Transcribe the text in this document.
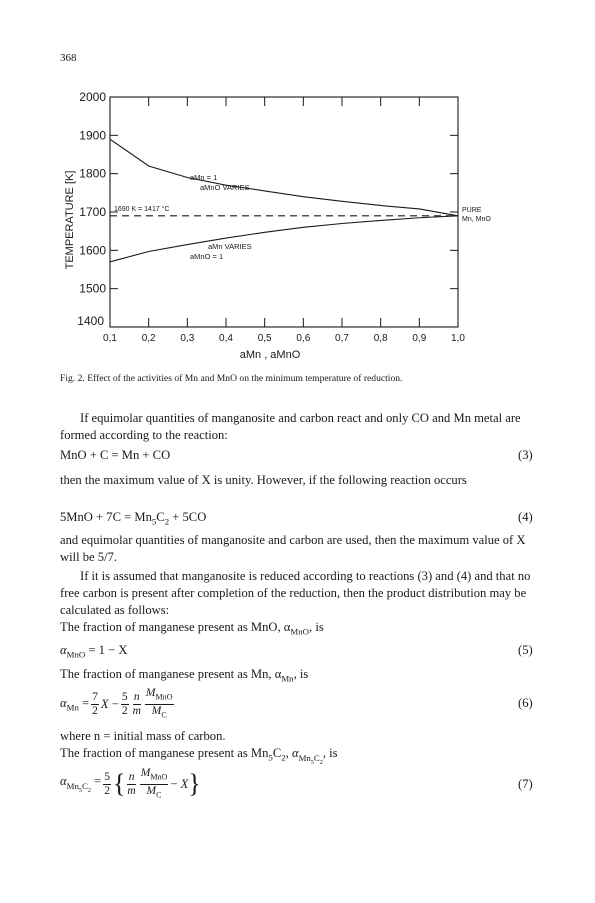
368
aMn , aMnO
TEMPERATURE [K]
0,1 0,2 0,3 0,4 0,5 0,6 0,7 0,8 0,9 1,0
1400
1500
1600
1700
1800
1900
2000
aMn = 1
aMnO VARIES
1690 K = 1417 °C
aMn VARIES
aMnO = 1
PURE
Mn, MnO
Fig. 2. Effect of the activities of Mn and MnO on the minimum temperature of reduction.
If equimolar quantities of manganosite and carbon react and only CO and Mn metal are formed according to the reaction:
MnO + C = Mn + CO	(3)
then the maximum value of X is unity. However, if the following reaction occurs
$5MnO + 7C = Mn_5C_2 + 5CO$	(4)
and equimolar quantities of manganosite and carbon are used, then the maximum value of X will be 5/7.
If it is assumed that manganosite is reduced according to reactions (3) and (4) and that no free carbon is present after completion of the reduction, then the product distribution may be calculated as follows:
The fraction of manganese present as MnO, $\alpha_{MnO}$, is
$\alpha_{MnO} = 1 - X$	(5)
The fraction of manganese present as Mn, $\alpha_{Mn}$, is
$\alpha_{Mn} = \frac{7}{2}$ $X - \frac{5}{2} \frac{n}{m} \frac{M_{MnO}}{M_C}$	(6)
where n = initial mass of carbon.
The fraction of manganese present as $Mn_5C_2$, $\alpha_{Mn_5C_2}$, is
$\alpha_{Mn_5C_2} = \frac{5}{2}$ { $\frac{n}{m} \frac{M_{MnO}}{M_C} - X$ }	(7)
